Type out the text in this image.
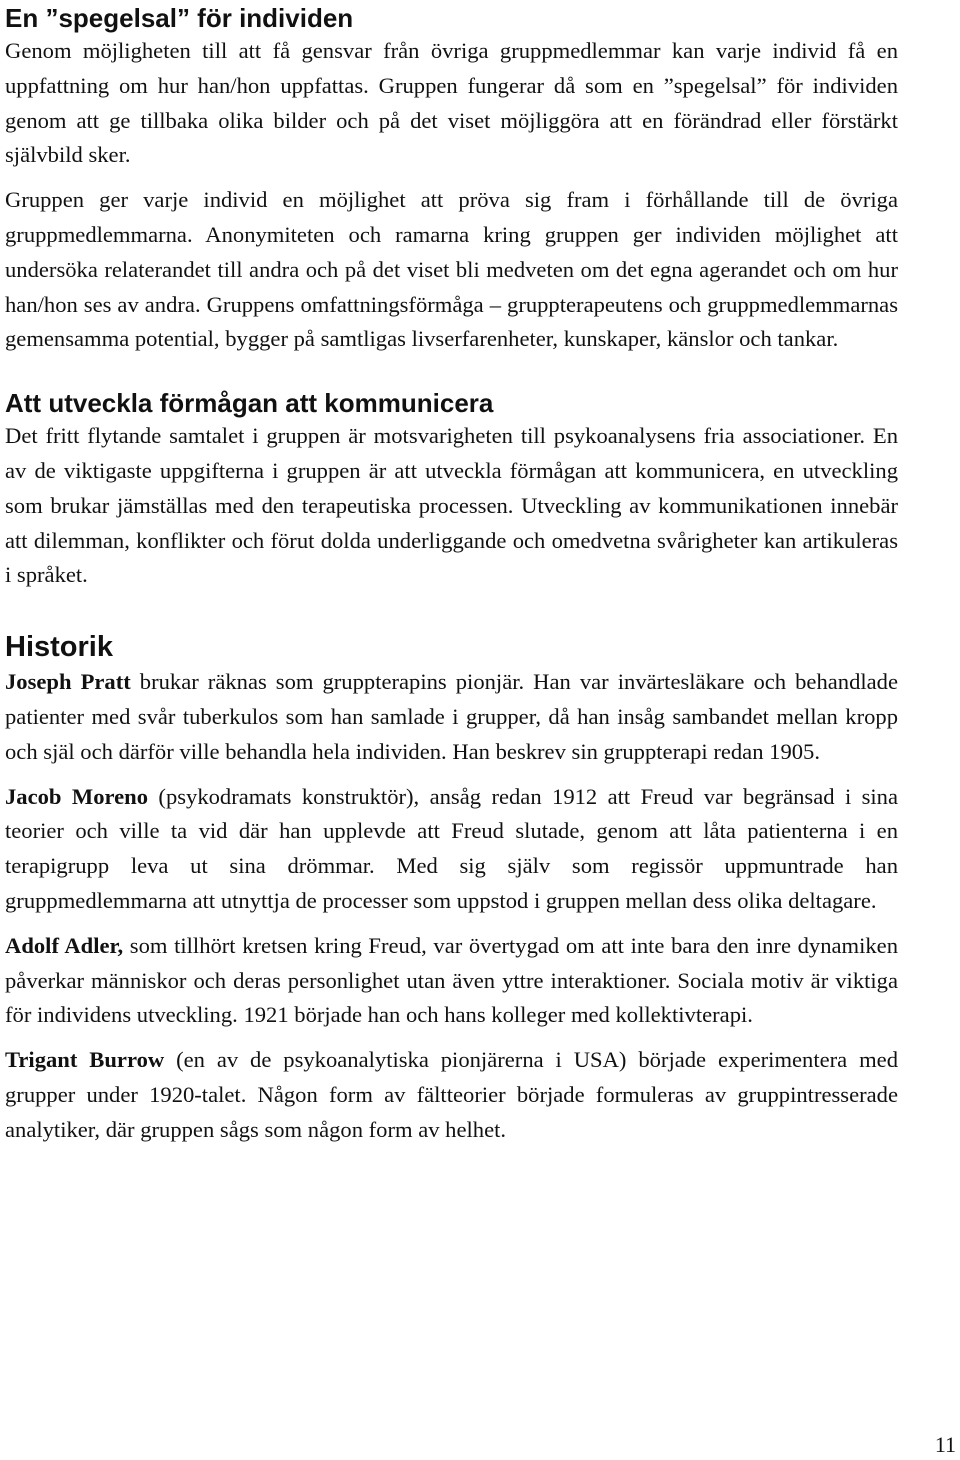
En ”spegelsal” för individen

Genom möjligheten till att få gensvar från övriga gruppmedlemmar kan varje individ få en uppfattning om hur han/hon uppfattas. Gruppen fungerar då som en ”spegelsal” för individen genom att ge tillbaka olika bilder och på det viset möjliggöra att en förändrad eller förstärkt självbild sker.

Gruppen ger varje individ en möjlighet att pröva sig fram i förhållande till de övriga gruppmedlemmarna. Anonymiteten och ramarna kring gruppen ger individen möjlighet att undersöka relaterandet till andra och på det viset bli medveten om det egna agerandet och om hur han/hon ses av andra. Gruppens omfattningsförmåga – gruppterapeutens och gruppmedlemmarnas gemensamma potential, bygger på samtligas livserfarenheter, kunskaper, känslor och tankar.

Att utveckla förmågan att kommunicera

Det fritt flytande samtalet i gruppen är motsvarigheten till psykoanalysens fria associationer. En av de viktigaste uppgifterna i gruppen är att utveckla förmågan att kommunicera, en utveckling som brukar jämställas med den terapeutiska processen. Utveckling av kommunikationen innebär att dilemman, konflikter och förut dolda underliggande och omedvetna svårigheter kan artikuleras i språket.

Historik

Joseph Pratt brukar räknas som gruppterapins pionjär. Han var invärtesläkare och behandlade patienter med svår tuberkulos som han samlade i grupper, då han insåg sambandet mellan kropp och själ och därför ville behandla hela individen. Han beskrev sin gruppterapi redan 1905.

Jacob Moreno (psykodramats konstruktör), ansåg redan 1912 att Freud var begränsad i sina teorier och ville ta vid där han upplevde att Freud slutade, genom att låta patienterna i en terapigrupp leva ut sina drömmar. Med sig själv som regissör uppmuntrade han gruppmedlemmarna att utnyttja de processer som uppstod i gruppen mellan dess olika deltagare.

Adolf Adler, som tillhört kretsen kring Freud, var övertygad om att inte bara den inre dynamiken påverkar människor och deras personlighet utan även yttre interaktioner. Sociala motiv är viktiga för individens utveckling. 1921 började han och hans kolleger med kollektivterapi.

Trigant Burrow (en av de psykoanalytiska pionjärerna i USA) började experimentera med grupper under 1920-talet. Någon form av fältteorier började formuleras av gruppintresserade analytiker, där gruppen sågs som någon form av helhet.

11
